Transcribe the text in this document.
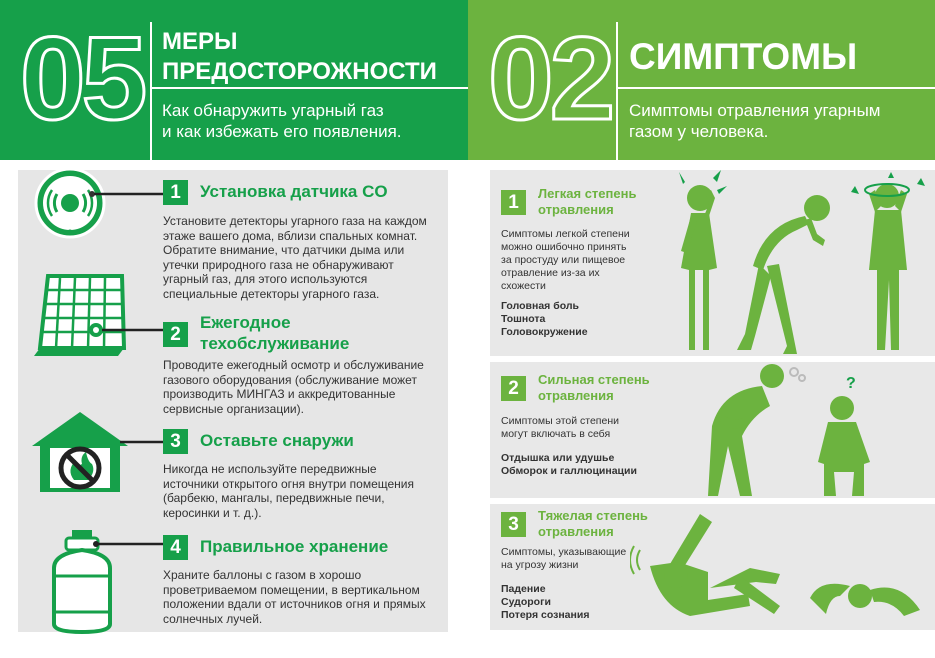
05 МЕРЫ
ПРЕДОСТОРОЖНОСТИ
Как обнаружить угарный газ
и как избежать его появления. 02 СИМПТОМЫ
Симптомы отравления угарным
газом у человека.
1	Установка датчика CO
Установите детекторы угарного газа на каждом
этаже вашего дома, вблизи спальных комнат.
Обратите внимание, что датчики дыма или
утечки природного газа не обнаруживают
угарный газ, для этого используются
специальные детекторы угарного газа.
2
Ежегодное
техобслуживание
Проводите ежегодный осмотр и обслуживание
газового оборудования (обслуживание может
производить МИНГАЗ и аккредитованные
сервисные организации).
3	Оставьте снаружи
Никогда не используйте передвижные
источники открытого огня внутри помещения
(барбекю, мангалы, передвижные печи,
керосинки и т. д.).
4	Правильное хранение
Храните баллоны с газом в хорошо
проветриваемом помещении, в вертикальном
положении вдали от источников огня и прямых
солнечных лучей.
1	Легкая степень
отравления
Симптомы легкой степени
можно ошибочно принять
за простуду или пищевое
отравление из-за их
схожести
Головная боль
Тошнота
Головокружение
2	Сильная степень
отравления
Симптомы этой степени
могут включать в себя
Отдышка или удушье
Обморок и галлюцинации
3	Тяжелая степень
отравления
Симптомы, указывающие
на угрозу жизни
Падение
Судороги
Потеря сознания
?
